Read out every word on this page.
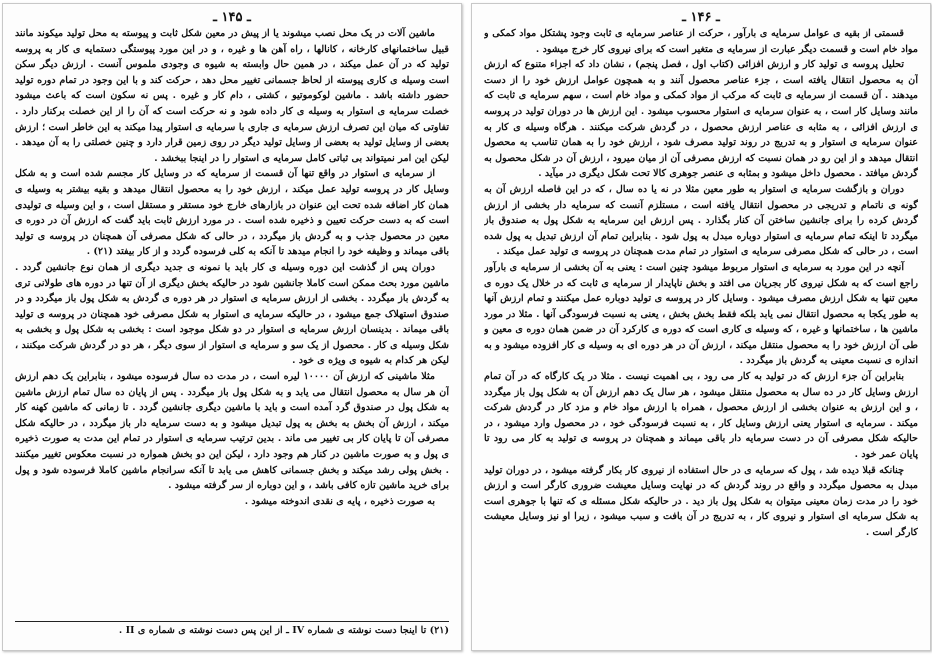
ـ ۱۴۵ ـ

ماشین آلات در یک محل نصب میشوند یا از پیش در معین شکل ثابت و پیوسته به محل تولید میکوند مانند قبیل ساختمانهای کارخانه ، کانالها ، راه آهن ها و غیره ، و در این مورد پیوستگی دستمایه ی کار به پروسه تولید که در آن عمل میکند ، در همین حال وابسته به شیوه ی وجودی ملموس آنست . ارزش دیگر سکن است وسیله ی کاری پیوسته از لحاظ جسمانی تغییر محل دهد ، حرکت کند و با این وجود در تمام دوره تولید حضور داشته باشد . ماشین لوکوموتیو ، کشتی ، دام کار و غیره . پس نه سکون است که باعث میشود خصلت سرمایه ی استوار به وسیله ی کار داده شود و نه حرکت است که آن را از این خصلت برکنار دارد . تفاوتی که میان این تصرف ارزش سرمایه ی جاری با سرمایه ی استوار پیدا میکند به این خاطر است ؛ ارزش بعضی از وسایل تولید به بعضی از وسایل تولید دیگر در روی زمین قرار دارد و چنین خصلتی را به آن میدهد . لیکن این امر نمیتواند بی ثباتی کامل سرمایه ی استوار را در اینجا ببخشد .

از سرمایه ی استوار در واقع تنها آن قسمت از سرمایه که در وسایل کار مجسم شده است و به شکل وسایل کار در پروسه تولید عمل میکند ، ارزش خود را به محصول انتقال میدهد و بقیه بیشتر به وسیله ی همان کار اضافه شده تحت این عنوان در بازارهای خارج خود مستقر و مستقل است ، و این وسیله ی تولیدی است که به دست حرکت تعیین و ذخیره شده است . در مورد ارزش ثابت باید گفت که ارزش آن در دوره ی معین در محصول جذب و به گردش باز میگردد ، در حالی که شکل مصرفی آن همچنان در پروسه ی تولید باقی میماند و وظیفه خود را انجام میدهد تا آنکه به کلی فرسوده گردد و از کار بیفتد (۲۱) .

دوران پس از گذشت این دوره وسیله ی کار باید با نمونه ی جدید دیگری از همان نوع جانشین گردد . ماشین مورد بحث ممکن است کاملا جانشین شود در حالیکه بخش دیگری از آن تنها در دوره های طولانی تری به گردش باز میگردد . بخشی از ارزش سرمایه ی استوار در هر دوره ی گردش به شکل پول باز میگردد و در صندوق استهلاک جمع میشود ، در حالیکه سرمایه ی استوار به شکل مصرفی خود همچنان در پروسه ی تولید باقی میماند . بدینسان ارزش سرمایه ی استوار در دو شکل موجود است : بخشی به شکل پول و بخشی به شکل وسیله ی کار . محصول از یک سو و سرمایه ی استوار از سوی دیگر ، هر دو در گردش شرکت میکنند ، لیکن هر کدام به شیوه ی ویژه ی خود .

مثلا ماشینی که ارزش آن ۱۰۰۰۰ لیره است ، در مدت ده سال فرسوده میشود ، بنابراین یک دهم ارزش آن هر سال به محصول انتقال می یابد و به شکل پول باز میگردد . پس از پایان ده سال تمام ارزش ماشین به شکل پول در صندوق گرد آمده است و باید با ماشین دیگری جانشین گردد . تا زمانی که ماشین کهنه کار میکند ، ارزش آن بخش به بخش به پول تبدیل میشود و به دست سرمایه دار باز میگردد ، در حالیکه شکل مصرفی آن تا پایان کار بی تغییر می ماند . بدین ترتیب سرمایه ی استوار در تمام این مدت به صورت ذخیره ی پول و به صورت ماشین در کنار هم وجود دارد ، لیکن این دو بخش همواره در نسبت معکوس تغییر میکنند . بخش پولی رشد میکند و بخش جسمانی کاهش می یابد تا آنکه سرانجام ماشین کاملا فرسوده شود و پول برای خرید ماشین تازه کافی باشد ، و این دوباره از سر گرفته میشود .

به صورت ذخیره ، پایه ی نقدی اندوخته میشود .

(۲۱) تا اینجا دست نوشته ی شماره IV ـ از این پس دست نوشته ی شماره ی II .
ـ ۱۴۶ ـ

قسمتی از بقیه ی عوامل سرمایه ی بارآور ، حرکت از عناصر سرمایه ی ثابت وجود پشتکل مواد کمکی و مواد خام است و قسمت دیگر عبارت از سرمایه ی متغیر است که برای نیروی کار خرج میشود .

تحلیل پروسه ی تولید کار و ارزش افزائی (کتاب اول ، فصل پنجم) ، نشان داد که اجزاء متنوع که ارزش آن به محصول انتقال یافته است ، جزء عناصر محصول آنند و به همچون عوامل ارزش خود را از دست میدهند . آن قسمت از سرمایه ی ثابت که مرکب از مواد کمکی و مواد خام است ، سهم سرمایه ی ثابت که مانند وسایل کار است ، به عنوان سرمایه ی استوار محسوب میشود . این ارزش ها در دوران تولید در پروسه ی ارزش افزائی ، به مثابه ی عناصر ارزش محصول ، در گردش شرکت میکنند . هرگاه وسیله ی کار به عنوان سرمایه ی استوار و به تدریج در روند تولید مصرف شود ، ارزش خود را به همان تناسب به محصول انتقال میدهد و از این رو در همان نسبت که ارزش مصرفی آن از میان میرود ، ارزش آن در شکل محصول به گردش میافتد . محصول داخل میشود و بمثابه ی عنصر جوهری کالا تحت شکل دیگری در میآید .

دوران و بازگشت سرمایه ی استوار به طور معین مثلا در نه یا ده سال ، که در این فاصله ارزش آن به گونه ی ناتمام و تدریجی در محصول انتقال یافته است ، مستلزم آنست که سرمایه دار بخشی از ارزش گردش کرده را برای جانشین ساختن آن کنار بگذارد . پس ارزش این سرمایه به شکل پول به صندوق باز میگردد تا اینکه تمام سرمایه ی استوار دوباره مبدل به پول شود . بنابراین تمام آن ارزش تبدیل به پول شده است ، در حالی که شکل مصرفی سرمایه ی استوار در تمام مدت همچنان در پروسه ی تولید عمل میکند .

آنچه در این مورد به سرمایه ی استوار مربوط میشود چنین است : یعنی به آن بخشی از سرمایه ی بارآور راجع است که به شکل نیروی کار بجریان می افتد و بخش ناپایدار از سرمایه ی ثابت که در خلال یک دوره ی معین تنها به شکل ارزش مصرف میشود . وسایل کار در پروسه ی تولید دوباره عمل میکنند و تمام ارزش آنها به طور یکجا به محصول انتقال نمی یابد بلکه فقط بخش بخش ، یعنی به نسبت فرسودگی آنها . مثلا در مورد ماشین ها ، ساختمانها و غیره ، که وسیله ی کاری است که دوره ی کارکرد آن در ضمن همان دوره ی معین و طی آن ارزش خود را به محصول منتقل میکند ، ارزش آن در هر دوره ای به وسیله ی کار افزوده میشود و به اندازه ی نسبت معینی به گردش باز میگردد .

بنابراین آن جزء ارزش که در تولید به کار می رود ، بی اهمیت نیست . مثلا در یک کارگاه که در آن تمام ارزش وسایل کار در ده سال به محصول منتقل میشود ، هر سال یک دهم ارزش آن به شکل پول باز میگردد ، و این ارزش به عنوان بخشی از ارزش محصول ، همراه با ارزش مواد خام و مزد کار در گردش شرکت میکند . سرمایه ی استوار یعنی ارزش وسایل کار ، به نسبت فرسودگی خود ، در محصول وارد میشود ، در حالیکه شکل مصرفی آن در دست سرمایه دار باقی میماند و همچنان در پروسه ی تولید به کار می رود تا پایان عمر خود .

چنانکه قبلا دیده شد ، پول که سرمایه ی در حال استفاده از نیروی کار بکار گرفته میشود ، در دوران تولید مبدل به محصول میگردد و واقع در روند گردش که در نهایت وسایل معیشت ضروری کارگر است و ارزش خود را در مدت زمان معینی میتوان به شکل پول باز دید . در حالیکه شکل مسئله ی که تنها با جوهری است به شکل سرمایه ای استوار و نیروی کار ، به تدریج در آن بافت و سبب میشود ، زیرا او نیز وسایل معیشت کارگر است .
